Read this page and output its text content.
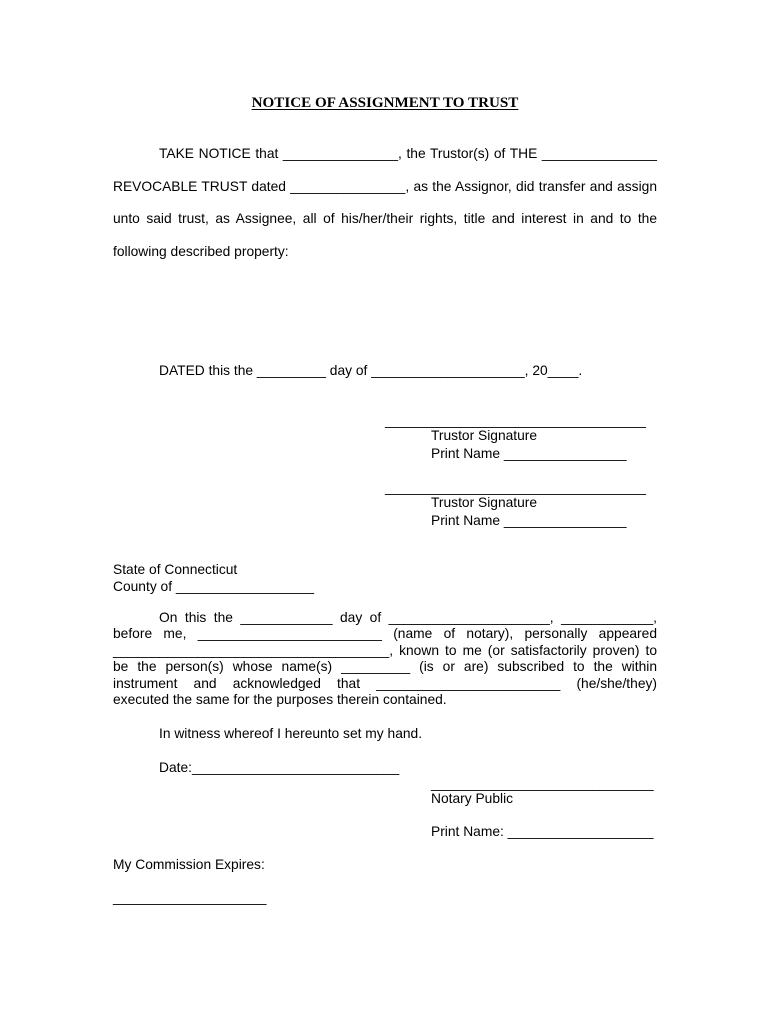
NOTICE OF ASSIGNMENT TO TRUST
TAKE NOTICE that _______________, the Trustor(s) of THE _______________
REVOCABLE TRUST dated _______________, as the Assignor, did transfer and assign
unto said trust, as Assignee, all of his/her/their rights, title and interest in and to the
following described property:
DATED this the _________ day of ____________________, 20____.
__________________________________
Trustor Signature
Print Name ________________
__________________________________
Trustor Signature
Print Name ________________
State of Connecticut
County of __________________
On this the ____________ day of _____________________, ____________,
before me, ________________________ (name of notary), personally appeared
____________________________________, known to me (or satisfactorily proven) to
be the person(s) whose name(s) _________ (is or are) subscribed to the within
instrument and acknowledged that ________________________ (he/she/they)
executed the same for the purposes therein contained.
In witness whereof I hereunto set my hand.
Date:___________________________
_____________________________
Notary Public
Print Name: ___________________
My Commission Expires:
____________________
